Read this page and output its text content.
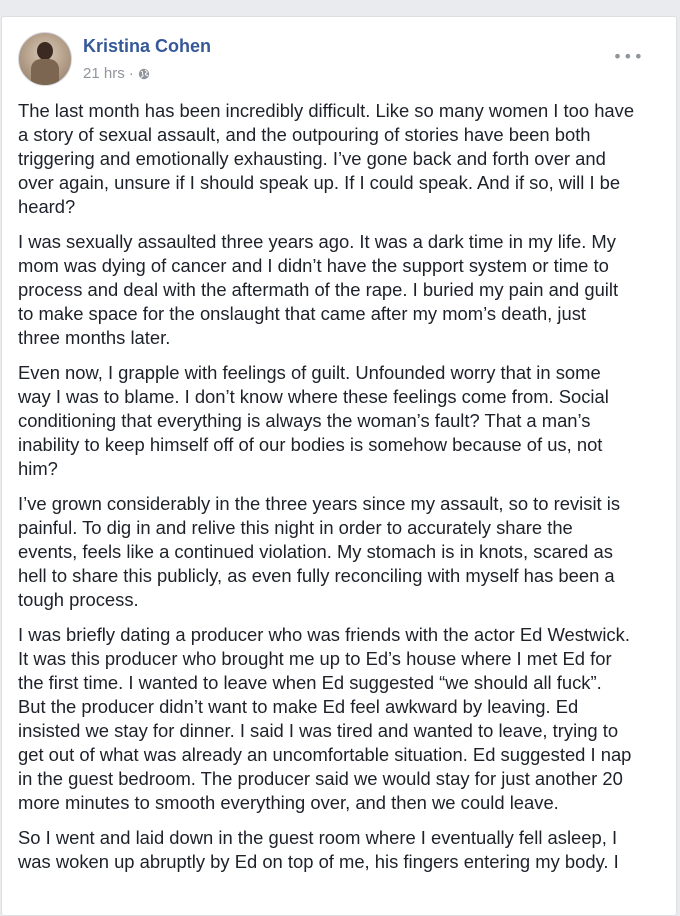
Kristina Cohen
21 hrs ·
•••

The last month has been incredibly difficult. Like so many women I too have
a story of sexual assault, and the outpouring of stories have been both
triggering and emotionally exhausting. I’ve gone back and forth over and
over again, unsure if I should speak up. If I could speak. And if so, will I be
heard?

I was sexually assaulted three years ago. It was a dark time in my life. My
mom was dying of cancer and I didn’t have the support system or time to
process and deal with the aftermath of the rape. I buried my pain and guilt
to make space for the onslaught that came after my mom’s death, just
three months later.

Even now, I grapple with feelings of guilt. Unfounded worry that in some
way I was to blame. I don’t know where these feelings come from. Social
conditioning that everything is always the woman’s fault? That a man’s
inability to keep himself off of our bodies is somehow because of us, not
him?

I’ve grown considerably in the three years since my assault, so to revisit is
painful. To dig in and relive this night in order to accurately share the
events, feels like a continued violation. My stomach is in knots, scared as
hell to share this publicly, as even fully reconciling with myself has been a
tough process.

I was briefly dating a producer who was friends with the actor Ed Westwick.
It was this producer who brought me up to Ed’s house where I met Ed for
the first time. I wanted to leave when Ed suggested “we should all fuck”.
But the producer didn’t want to make Ed feel awkward by leaving. Ed
insisted we stay for dinner. I said I was tired and wanted to leave, trying to
get out of what was already an uncomfortable situation. Ed suggested I nap
in the guest bedroom. The producer said we would stay for just another 20
more minutes to smooth everything over, and then we could leave.

So I went and laid down in the guest room where I eventually fell asleep, I
was woken up abruptly by Ed on top of me, his fingers entering my body. I
